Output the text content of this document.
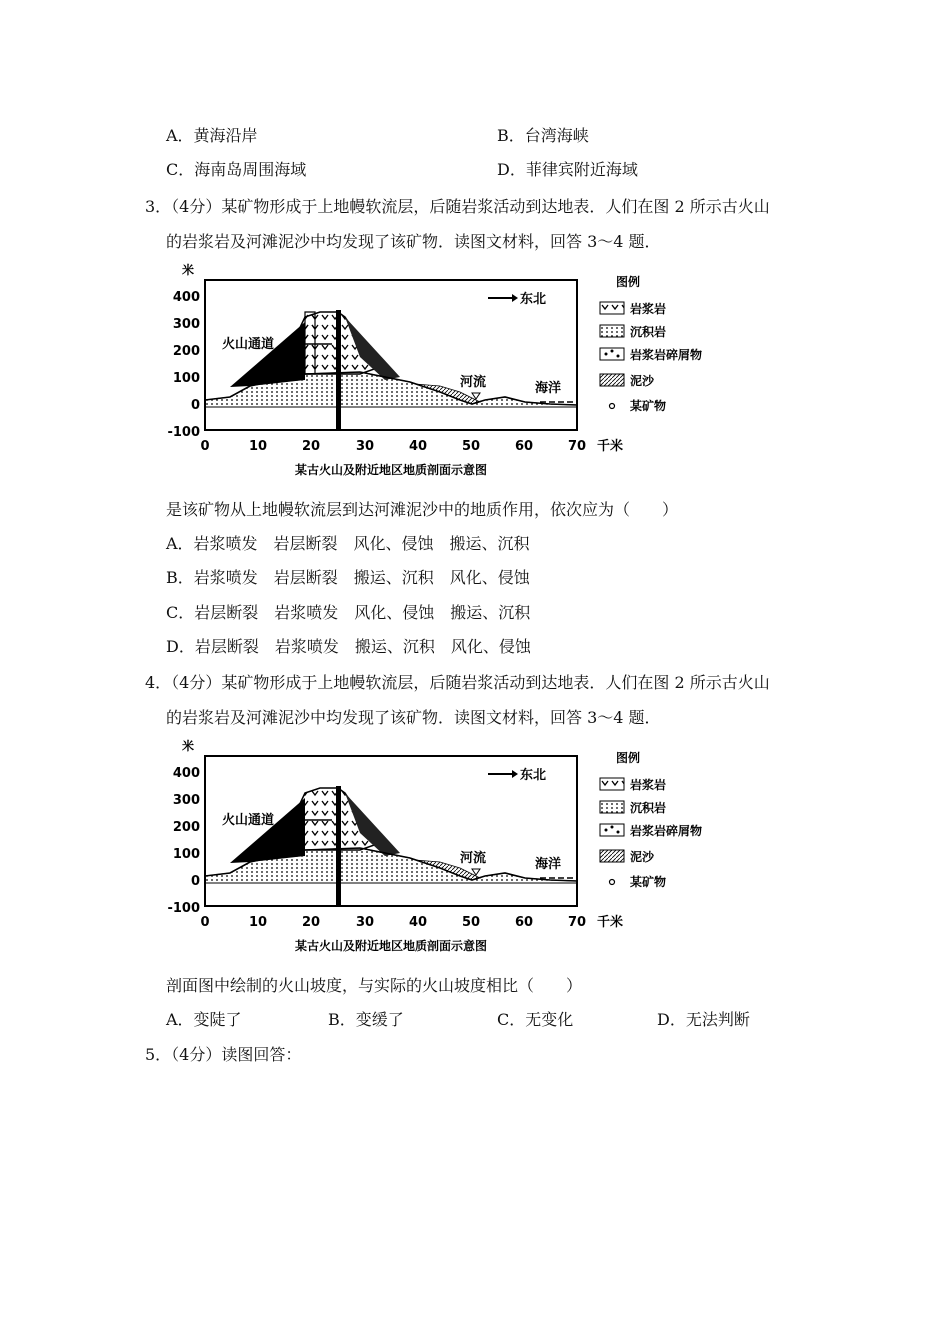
A．黄海沿岸	B．台湾海峡
C．海南岛周围海域	D．菲律宾附近海域
3．（4分）某矿物形成于上地幔软流层，后随岩浆活动到达地表．人们在图 2 所示古火山
的岩浆岩及河滩泥沙中均发现了该矿物．读图文材料，回答 3～4 题．
米
400
300
200
100
0
-100
0	10	20	30	40	50	60	70 千米
东北
火山通道
河流	海洋
某古火山及附近地区地质剖面示意图
图例
岩浆岩
沉积岩
岩浆岩碎屑物
泥沙
某矿物
是该矿物从上地幔软流层到达河滩泥沙中的地质作用，依次应为（　　）
A．岩浆喷发　岩层断裂　风化、侵蚀　搬运、沉积
B．岩浆喷发　岩层断裂　搬运、沉积　风化、侵蚀
C．岩层断裂　岩浆喷发　风化、侵蚀　搬运、沉积
D．岩层断裂　岩浆喷发　搬运、沉积　风化、侵蚀
4．（4分）某矿物形成于上地幔软流层，后随岩浆活动到达地表．人们在图 2 所示古火山
的岩浆岩及河滩泥沙中均发现了该矿物．读图文材料，回答 3～4 题．
米
400
300
200
100
0
-100
0	10	20	30	40	50	60	70 千米
东北
火山通道
河流	海洋
某古火山及附近地区地质剖面示意图
图例
岩浆岩
沉积岩
岩浆岩碎屑物
泥沙
某矿物
剖面图中绘制的火山坡度，与实际的火山坡度相比（　　）
A．变陡了	B．变缓了	C．无变化	D．无法判断
5．（4分）读图回答：
